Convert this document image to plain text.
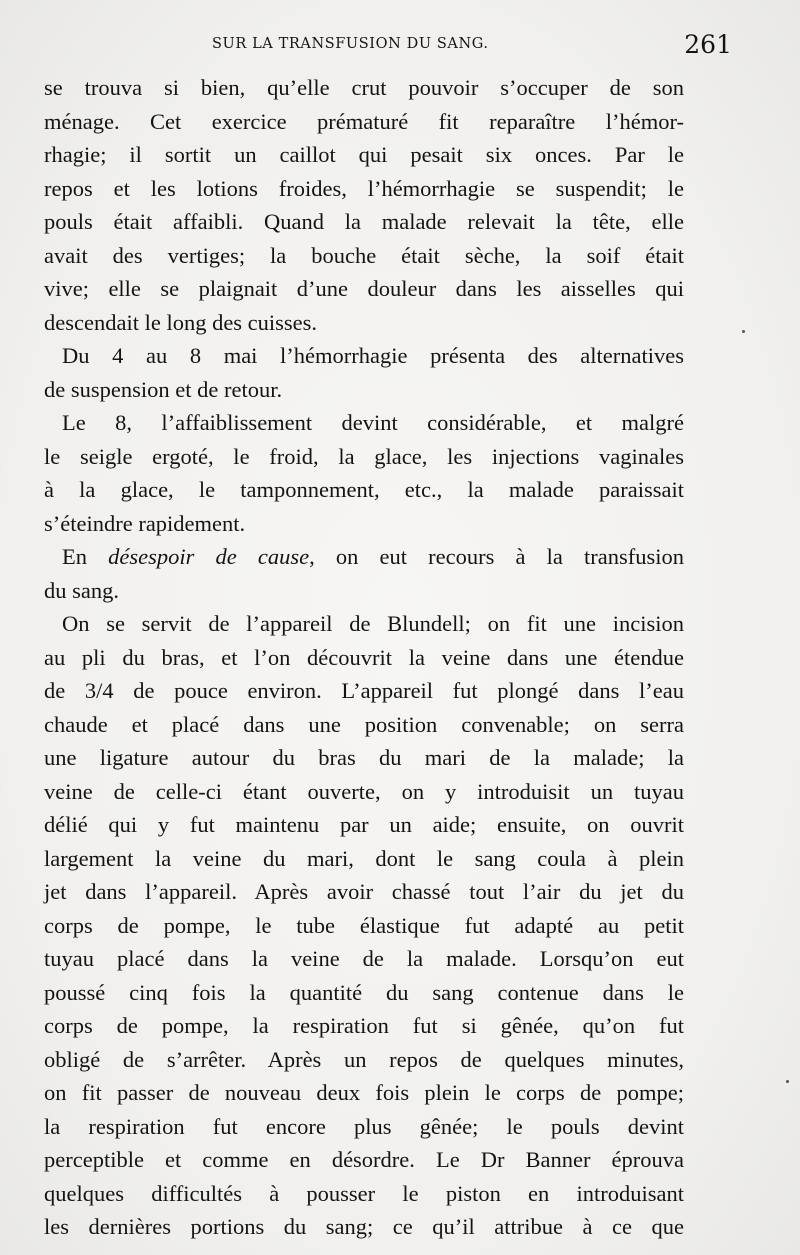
SUR LA TRANSFUSION DU SANG.	261
se trouva si bien, qu’elle crut pouvoir s’occuper de son
ménage. Cet exercice prématuré fit reparaître l’hémor-
rhagie; il sortit un caillot qui pesait six onces. Par le
repos et les lotions froides, l’hémorrhagie se suspendit; le
pouls était affaibli. Quand la malade relevait la tête, elle
avait des vertiges; la bouche était sèche, la soif était
vive; elle se plaignait d’une douleur dans les aisselles qui
descendait le long des cuisses.
Du 4 au 8 mai l’hémorrhagie présenta des alternatives
de suspension et de retour.
Le 8, l’affaiblissement devint considérable, et malgré
le seigle ergoté, le froid, la glace, les injections vaginales
à la glace, le tamponnement, etc., la malade paraissait
s’éteindre rapidement.
En désespoir de cause, on eut recours à la transfusion
du sang.
On se servit de l’appareil de Blundell; on fit une incision
au pli du bras, et l’on découvrit la veine dans une étendue
de 3/4 de pouce environ. L’appareil fut plongé dans l’eau
chaude et placé dans une position convenable; on serra
une ligature autour du bras du mari de la malade; la
veine de celle-ci étant ouverte, on y introduisit un tuyau
délié qui y fut maintenu par un aide; ensuite, on ouvrit
largement la veine du mari, dont le sang coula à plein
jet dans l’appareil. Après avoir chassé tout l’air du jet du
corps de pompe, le tube élastique fut adapté au petit
tuyau placé dans la veine de la malade. Lorsqu’on eut
poussé cinq fois la quantité du sang contenue dans le
corps de pompe, la respiration fut si gênée, qu’on fut
obligé de s’arrêter. Après un repos de quelques minutes,
on fit passer de nouveau deux fois plein le corps de pompe;
la respiration fut encore plus gênée; le pouls devint
perceptible et comme en désordre. Le Dr Banner éprouva
quelques difficultés à pousser le piston en introduisant
les dernières portions du sang; ce qu’il attribue à ce que
